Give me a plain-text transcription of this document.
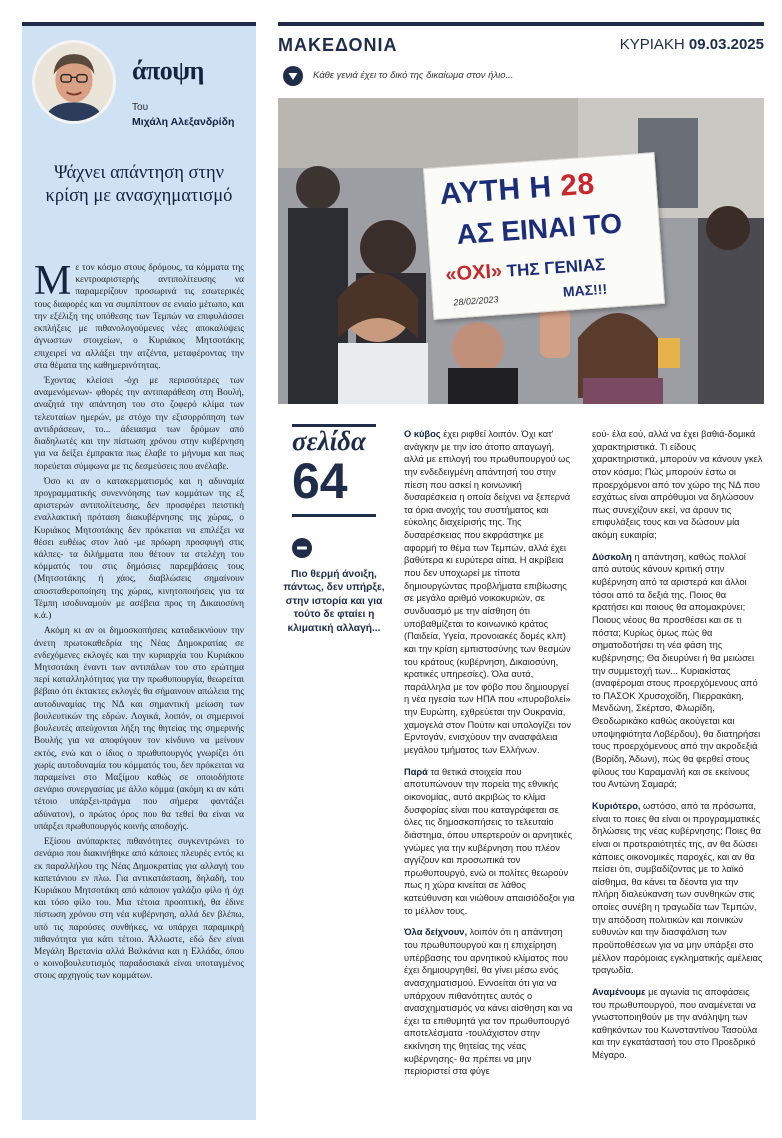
άποψη
Του
Μιχάλη Αλεξανδρίδη
Ψάχνει απάντηση στην κρίση με ανασχηματισμό

Με τον κόσμο στους δρόμους, τα κόμματα της κεντροαριστερής αντιπολίτευσης να παραμερίζουν προσωρινά τις εσωτερικές τους διαφορές και να συμπίπτουν σε ενιαίο μέτωπο, και την εξέλιξη της υπόθεσης των Τεμπών να επιφυλάσσει εκπλήξεις με πιθανολογούμενες νέες αποκαλύψεις άγνωστων στοιχείων, ο Κυριάκος Μητσοτάκης επιχειρεί να αλλάξει την ατζέντα, μεταφέροντας την στα θέματα της καθημερινότητας.

Έχοντας κλείσει -όχι με περισσότερες των αναμενόμενων- φθορές την αντιπαράθεση στη Βουλή, αναζητά την απάντηση του στο ζοφερό κλίμα των τελευταίων ημερών, με στόχο την εξισορρόπηση των αντιδράσεων, το... άδειασμα των δρόμων από διαδηλωτές και την πίστωση χρόνου στην κυβέρνηση για να δείξει έμπρακτα πως έλαβε το μήνυμα και πως πορεύεται σύμφωνα με τις δεσμεύσεις που ανέλαβε.

Όσο κι αν ο κατακερματισμός και η αδυναμία προγραμματικής συνεννόησης των κομμάτων της εξ αριστερών αντιπολίτευσης, δεν προσφέρει πειστική εναλλακτική πρόταση διακυβέρνησης της χώρας, ο Κυριάκος Μητσοτάκης δεν πρόκειται να επιλέξει να θέσει ευθέως στον λαό -με πρόωρη προσφυγή στις κάλπες- τα διλήμματα που θέτουν τα στελέχη του κόμματός του στις δημόσιες παρεμβάσεις τους (Μητσοτάκης ή χάος, διαβλώσεις σημαίνουν αποσταθεροποίηση της χώρας, κινητοποιήσεις για τα Τέμπη ισοδυναμούν με ασέβεια προς τη Δικαιοσύνη κ.ά.)

Ακόμη κι αν οι δημοσκοπήσεις καταδεικνύουν την άνετη πρωτοκαθεδρία της Νέας Δημοκρατίας σε ενδεχόμενες εκλογές και την κυριαρχία του Κυριάκου Μητσοτάκη έναντι των αντιπάλων του στο ερώτημα περί καταλληλότητας για την πρωθυπουργία, θεωρείται βέβαιο ότι έκτακτες εκλογές θα σήμαινουν απώλεια της αυτοδυναμίας της ΝΔ και σημαντική μείωση των βουλευτικών της εδρών. Λογικά, λοιπόν, οι σημερινοί βουλευτές απεύχονται λήξη της θητείας της σημερινής Βουλής για να αποφύγουν τον κίνδυνο να μείνουν εκτός, ενώ και ο ίδιος ο πρωθυπουργός γνωρίζει ότι χωρίς αυτοδυναμία του κόμματός του, δεν πρόκειται να παραμείνει στο Μαξίμου καθώς σε οποιοδήποτε σενάριο συνεργασίας με άλλο κόμμα (ακόμη κι αν κάτι τέτοιο υπάρξει-πράγμα που σήμερα φαντάζει αδύνατον), ο πρώτος όρος που θα τεθεί θα είναι να υπάρξει πρωθυπουργός κοινής αποδοχής.

Εξίσου ανύπαρκτες πιθανότητες συγκεντρώνει το σενάριο που διακινήθηκε από κάποιες πλευρές εντός κι εκ παραλλήλου της Νέας Δημοκρατίας για αλλαγή του καπετάνιου εν πλω. Για αντικατάσταση, δηλαδή, του Κυριάκου Μητσοτάκη από κάποιον γαλάζιο φίλο ή όχι και τόσο φίλο του. Μια τέτοια προοπτική, θα έδινε πίστωση χρόνου στη νέα κυβέρνηση, αλλά δεν βλέπω, υπό τις παρούσες συνθήκες, να υπάρχει παραμικρή πιθανότητα για κάτι τέτοιο. Άλλωστε, εδώ δεν είναι Μεγάλη Βρετανία αλλά Βαλκάνια και η Ελλάδα, όπου ο κοινοβουλευτισμός παραδοσιακά είναι υποταγμένος στους αρχηγούς των κομμάτων.

ΜΑΚΕΔΟΝΙΑ	ΚΥΡΙΑΚΗ 09.03.2025
Κάθε γενιά έχει το δικό της δικαίωμα στον ήλιο...
ΑΥΤΗ Η 28
ΑΣ ΕΙΝΑΙ ΤΟ
«ΟΧΙ» ΤΗΣ ΓΕΝΙΑΣ
ΜΑΣ!!!
28/02/2023
σελίδα
64
Πιο θερμή άνοιξη, πάντως, δεν υπήρξε, στην ιστορία και για τούτο δε φταίει η κλιματική αλλαγή...

Ο κύβος έχει ριφθεί λοιπόν. Όχι κατ' ανάγκην με την ίσο άτοπο απαγωγή, αλλά με επιλογή του πρωθυπουργού ως την ενδεδειγμένη απάντησή του στην πίεση που ασκεί η κοινωνική δυσαρέσκεια η οποία δείχνει να ξεπερνά τα όρια ανοχής του συστήματος και εύκολης διαχείρισής της. Της δυσαρέσκειας που εκφράστηκε με αφορμή το θέμα των Τεμπών, αλλά έχει βαθύτερα κι ευρύτερα αίτια. Η ακρίβεια που δεν υποχωρεί με τίποτα δημιουργώντας προβλήματα επιβίωσης σε μεγάλο αριθμό νοικοκυριών, σε συνδυασμό με την αίσθηση ότι υποβαθμίζεται το κοινωνικό κράτος (Παιδεία, Υγεία, προνοιακές δομές κλπ) και την κρίση εμπιστοσύνης των θεσμών του κράτους (κυβέρνηση, Δικαιοσύνη, κρατικές υπηρεσίες). Όλα αυτά, παράλληλα με τον φόβο που δημιουργεί η νέα ηγεσία των ΗΠΑ που «πυροβολεί» την Ευρώπη, εχθρεύεται την Ουκρανία, χαμογελά στον Πούτιν και υπολογίζει τον Ερντογάν, ενισχύουν την ανασφάλεια μεγάλου τμήματος των Ελλήνων.

Παρά τα θετικά στοιχεία που αποτυπώνουν την πορεία της εθνικής οικονομίας, αυτό ακριβώς το κλίμα δυσφορίας είναι που καταγράφεται σε όλες τις δημοσκοπήσεις το τελευταίο διάστημα, όπου υπερτερούν οι αρνητικές γνώμες για την κυβέρνηση που πλέον αγγίζουν και προσωπικά τον πρωθυπουργό, ενώ οι πολίτες θεωρούν πως η χώρα κινείται σε λάθος κατεύθυνση και νιώθουν απαισιόδοξοι για το μέλλον τους.

Όλα δείχνουν, λοιπόν ότι η απάντηση του πρωθυπουργού και η επιχείρηση υπέρβασης του αρνητικού κλίματος που έχει δημιουργηθεί, θα γίνει μέσω ενός ανασχηματισμού. Εννοείται ότι για να υπάρχουν πιθανότητες αυτός ο ανασχηματισμός να κάνει αίσθηση και να έχει τα επιθυμητά για τον πρωθυπουργό αποτελέσματα -τουλάχιστον στην εκκίνηση της θητείας της νέας κυβέρνησης- θα πρέπει να μην περιοριστεί στα φύγε

εού- έλα εού, αλλά να έχει βαθιά-δομικά χαρακτηριστικά. Τι είδους χαρακτηριστικά, μπορούν να κάνουν γκελ στον κόσμο; Πώς μπορούν έστω οι προερχόμενοι από τον χώρο της ΝΔ που εσχάτως είναι απρόθυμοι να δηλώσουν πως συνεχίζουν εκεί, να άρουν τις επιφυλάξεις τους και να δώσουν μία ακόμη ευκαιρία;

Δύσκολη η απάντηση, καθώς πολλοί από αυτούς κάνουν κριτική στην κυβέρνηση από τα αριστερά και άλλοι τόσοι από τα δεξιά της. Ποιος θα κρατήσει και ποιους θα απομακρύνει; Ποιους νέους θα προσθέσει και σε τι πόστα; Κυρίως όμως πώς θα σηματοδοτήσει τη νέα φάση της κυβέρνησης; Θα διευρύνει ή θα μειώσει την συμμετοχή των... Κυριακίστας (αναφέρομαι στους προερχόμενους από το ΠΑΣΟΚ Χρυσοχοΐδη, Πιερρακάκη, Μενδώνη, Σκέρτσο, Φλωρίδη, Θεοδωρικάκο καθώς ακούγεται και υποψηφιότητα Λοβέρδου), θα διατηρήσει τους προερχόμενους από την ακροδεξιά (Βορίδη, Άδωνι), πώς θα φερθεί στους φίλους του Καραμανλή και σε εκείνους του Αντώνη Σαμαρά;

Κυριότερο, ωστόσο, από τα πρόσωπα, είναι το ποιες θα είναι οι προγραμματικές δηλώσεις της νέας κυβέρνησης; Ποιες θα είναι οι προτεραιότητές της, αν θα δώσει κάποιες οικονομικές παροχές, και αν θα πείσει ότι, συμβαδίζοντας με το λαϊκό αίσθημα, θα κάνει τα δέοντα για την πλήρη διαλεύκανση των συνθηκών στις οποίες συνέβη η τραγωδία των Τεμπών, την απόδοση πολιτικών και ποινικών ευθυνών και την διασφάλιση των προϋποθέσεων για να μην υπάρξει στο μέλλον παρόμοιας εγκληματικής αμέλειας τραγωδία.

Αναμένουμε με αγωνία τις αποφάσεις του πρωθυπουργού, που αναμένεται να γνωστοποιηθούν με την ανάληψη των καθηκόντων του Κωνσταντίνου Τασούλα και την εγκατάστασή του στο Προεδρικό Μέγαρο.
